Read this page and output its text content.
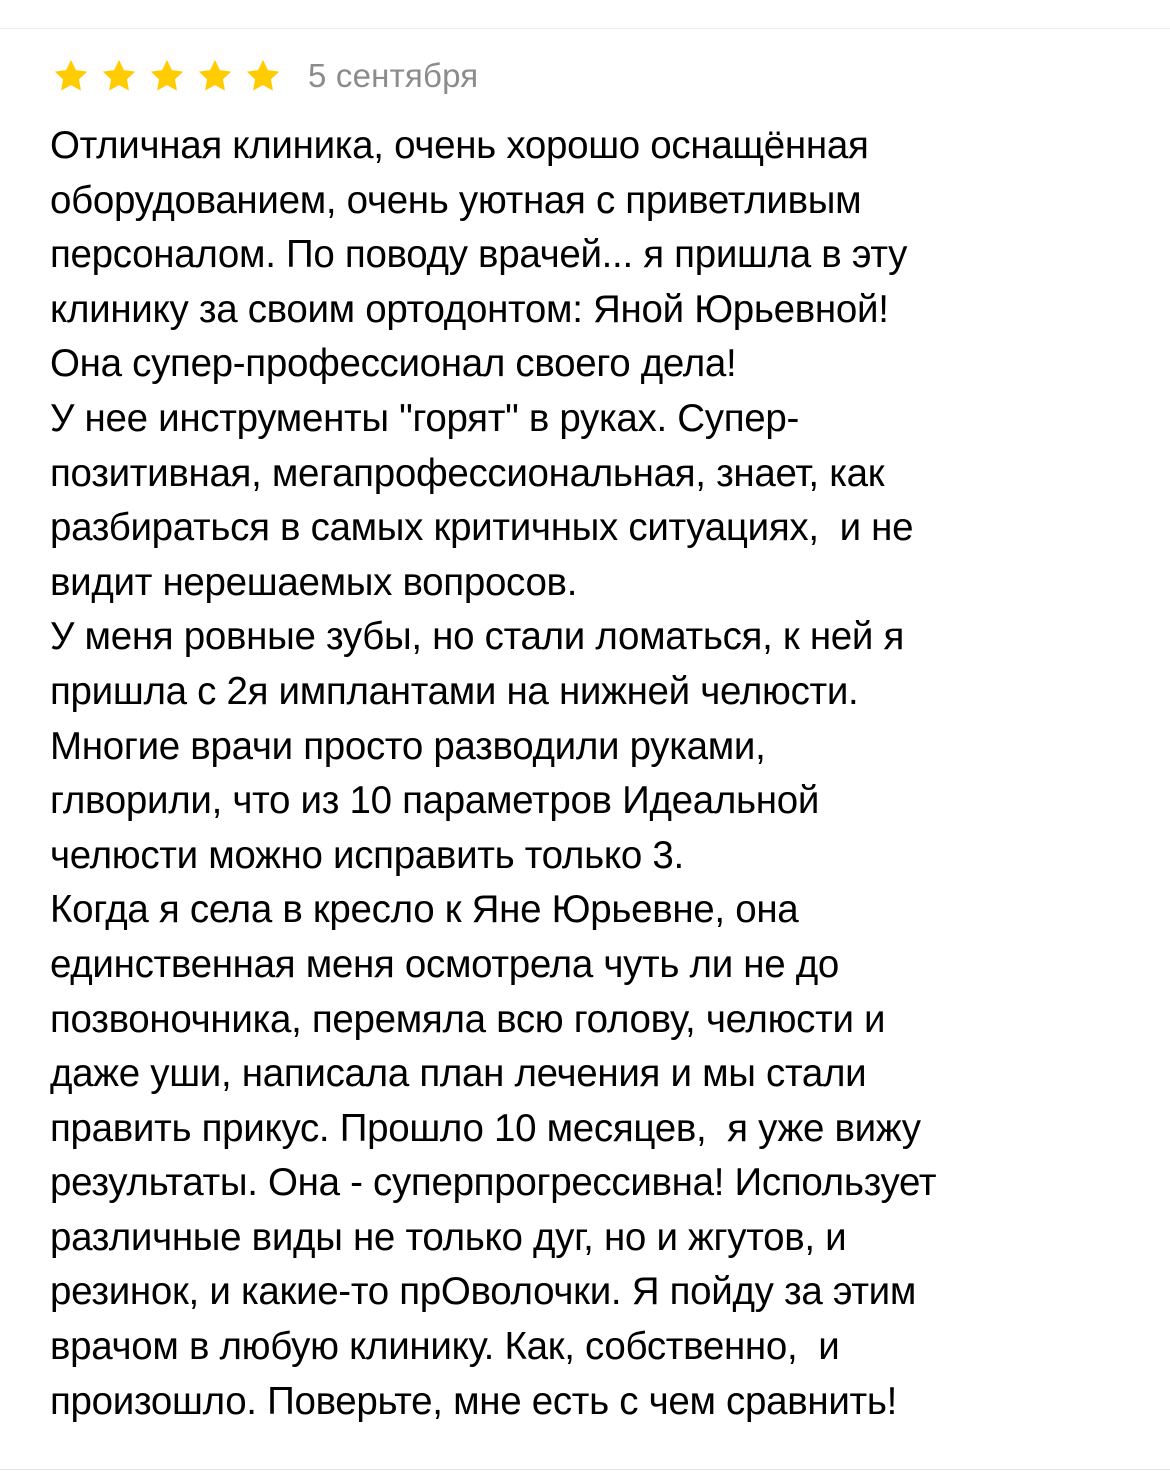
5 сентября
Отличная клиника, очень хорошо оснащённая
оборудованием, очень уютная с приветливым
персоналом. По поводу врачей... я пришла в эту
клинику за своим ортодонтом: Яной Юрьевной!
Она супер-профессионал своего дела!
У нее инструменты "горят" в руках. Супер-
позитивная, мегапрофессиональная, знает, как
разбираться в самых критичных ситуациях,  и не
видит нерешаемых вопросов.
У меня ровные зубы, но стали ломаться, к ней я
пришла с 2я имплантами на нижней челюсти.
Многие врачи просто разводили руками,
глворили, что из 10 параметров Идеальной
челюсти можно исправить только 3.
Когда я села в кресло к Яне Юрьевне, она
единственная меня осмотрела чуть ли не до
позвоночника, перемяла всю голову, челюсти и
даже уши, написала план лечения и мы стали
править прикус. Прошло 10 месяцев,  я уже вижу
результаты. Она - суперпрогрессивна! Использует
различные виды не только дуг, но и жгутов, и
резинок, и какие-то прОволочки. Я пойду за этим
врачом в любую клинику. Как, собственно,  и
произошло. Поверьте, мне есть с чем сравнить!
